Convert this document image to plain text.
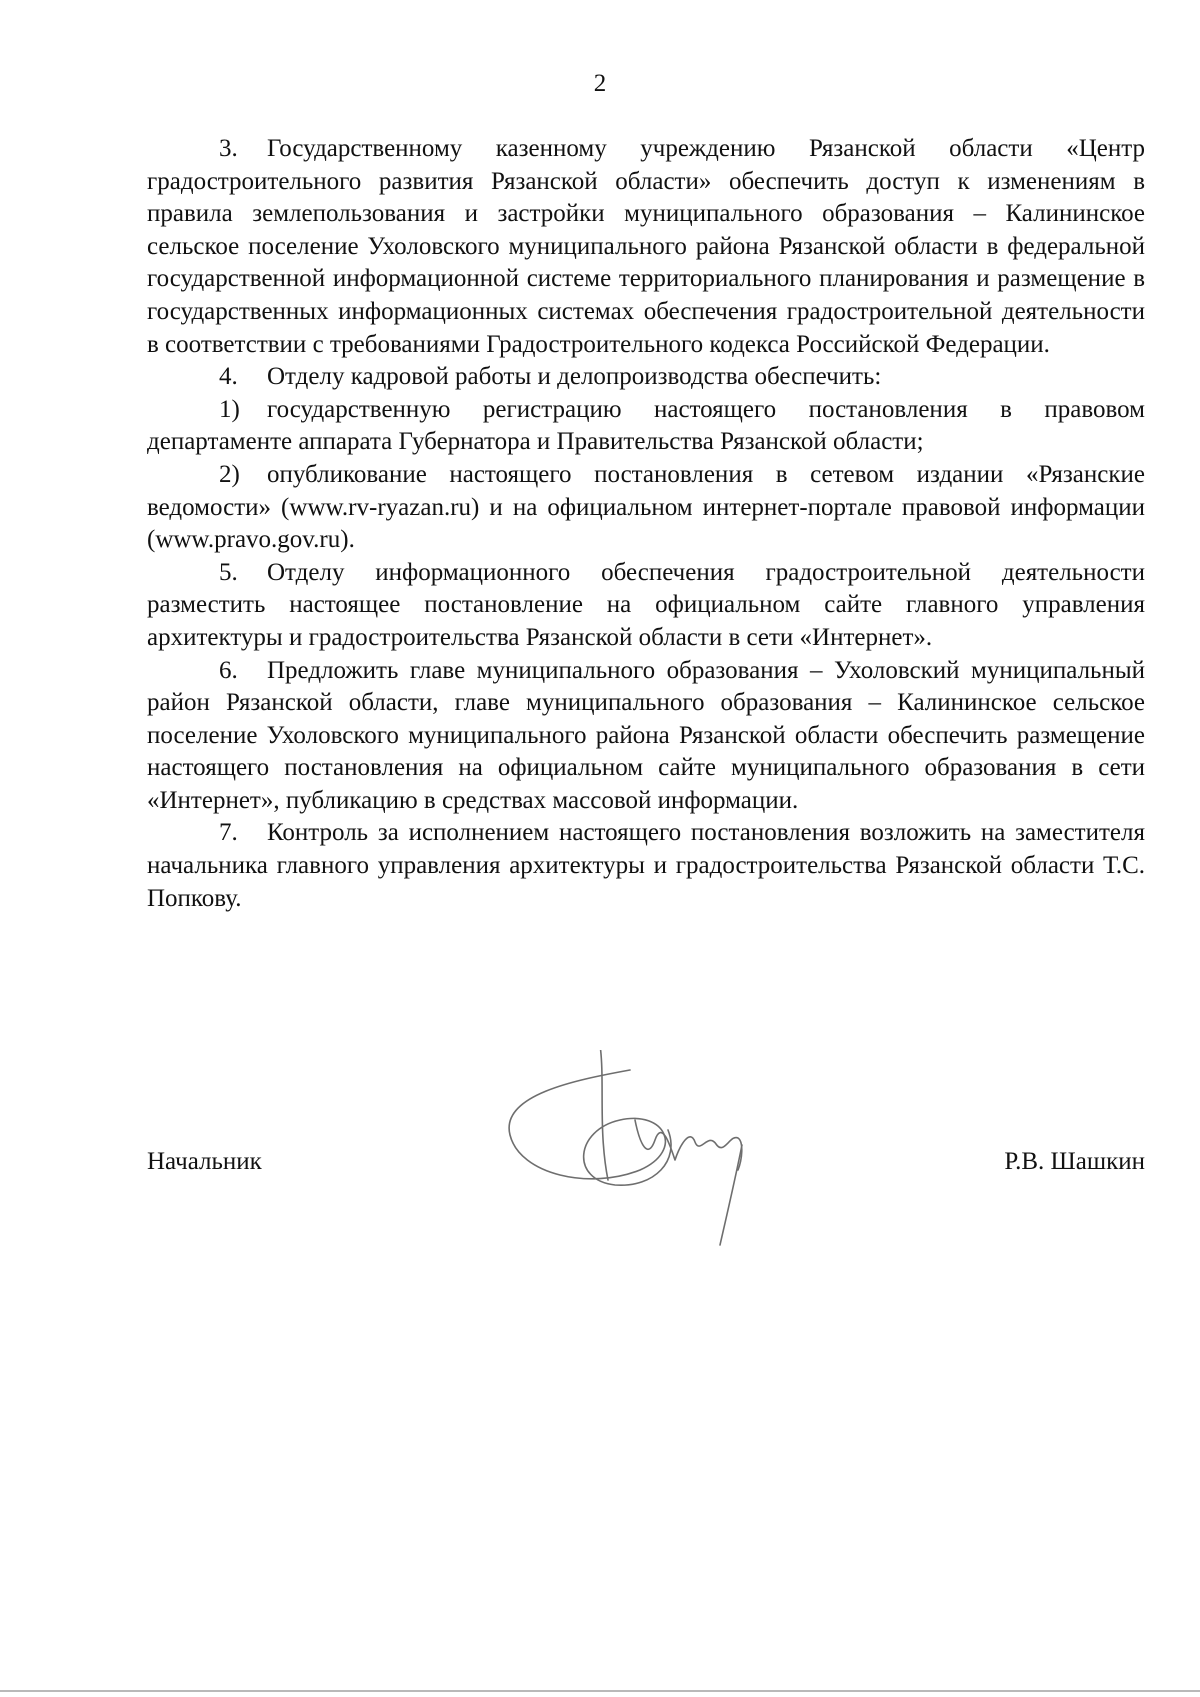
2

3. Государственному казенному учреждению Рязанской области «Центр градостроительного развития Рязанской области» обеспечить доступ к изменениям в правила землепользования и застройки муниципального образования – Калининское сельское поселение Ухоловского муниципального района Рязанской области в федеральной государственной информационной системе территориального планирования и размещение в государственных информационных системах обеспечения градостроительной деятельности в соответствии с требованиями Градостроительного кодекса Российской Федерации.

4. Отделу кадровой работы и делопроизводства обеспечить:

1) государственную регистрацию настоящего постановления в правовом департаменте аппарата Губернатора и Правительства Рязанской области;

2) опубликование настоящего постановления в сетевом издании «Рязанские ведомости» (www.rv-ryazan.ru) и на официальном интернет-портале правовой информации (www.pravo.gov.ru).

5. Отделу информационного обеспечения градостроительной деятельности разместить настоящее постановление на официальном сайте главного управления архитектуры и градостроительства Рязанской области в сети «Интернет».

6. Предложить главе муниципального образования – Ухоловский муниципальный район Рязанской области, главе муниципального образования – Калининское сельское поселение Ухоловского муниципального района Рязанской области обеспечить размещение настоящего постановления на официальном сайте муниципального образования в сети «Интернет», публикацию в средствах массовой информации.

7. Контроль за исполнением настоящего постановления возложить на заместителя начальника главного управления архитектуры и градостроительства Рязанской области Т.С. Попкову.

Начальник	Р.В. Шашкин
